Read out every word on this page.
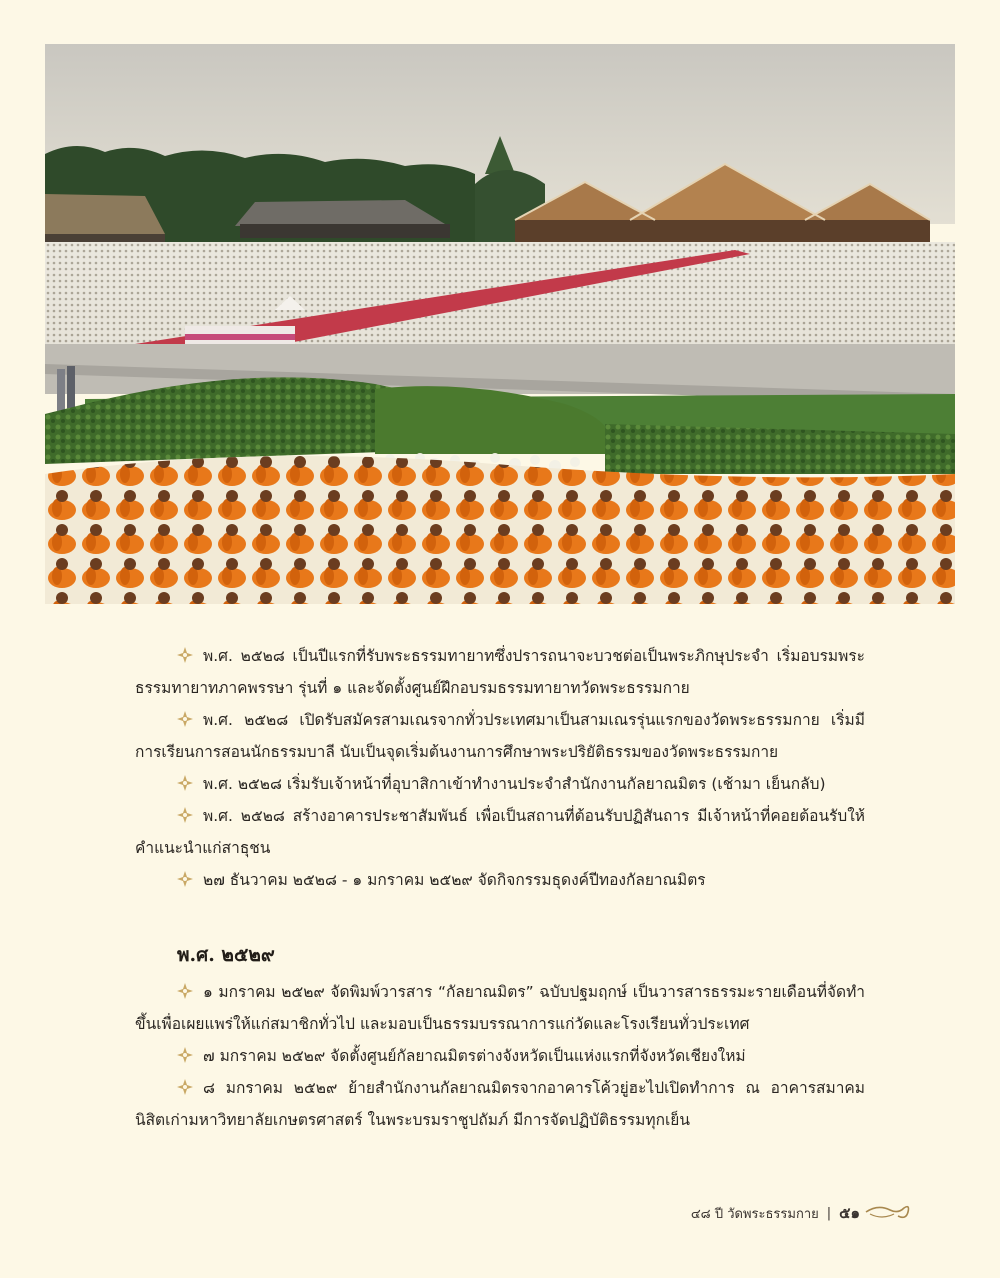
พ.ศ. ๒๕๒๘ เป็นปีแรกที่รับพระธรรมทายาทซึ่งปรารถนาจะบวชต่อเป็นพระภิกษุประจำ เริ่มอบรมพระธรรมทายาทภาคพรรษา รุ่นที่ ๑ และจัดตั้งศูนย์ฝึกอบรมธรรมทายาทวัดพระธรรมกาย

พ.ศ. ๒๕๒๘ เปิดรับสมัครสามเณรจากทั่วประเทศมาเป็นสามเณรรุ่นแรกของวัดพระธรรมกาย เริ่มมีการเรียนการสอนนักธรรมบาลี นับเป็นจุดเริ่มต้นงานการศึกษาพระปริยัติธรรมของวัดพระธรรมกาย

พ.ศ. ๒๕๒๘ เริ่มรับเจ้าหน้าที่อุบาสิกาเข้าทำงานประจำสำนักงานกัลยาณมิตร (เช้ามา เย็นกลับ)

พ.ศ. ๒๕๒๘ สร้างอาคารประชาสัมพันธ์ เพื่อเป็นสถานที่ต้อนรับปฏิสันถาร มีเจ้าหน้าที่คอยต้อนรับให้คำแนะนำแก่สาธุชน

๒๗ ธันวาคม ๒๕๒๘ - ๑ มกราคม ๒๕๒๙ จัดกิจกรรมธุดงค์ปีทองกัลยาณมิตร

พ.ศ. ๒๕๒๙

๑ มกราคม ๒๕๒๙ จัดพิมพ์วารสาร “กัลยาณมิตร” ฉบับปฐมฤกษ์ เป็นวารสารธรรมะรายเดือนที่จัดทำขึ้นเพื่อเผยแพร่ให้แก่สมาชิกทั่วไป และมอบเป็นธรรมบรรณาการแก่วัดและโรงเรียนทั่วประเทศ

๗ มกราคม ๒๕๒๙ จัดตั้งศูนย์กัลยาณมิตรต่างจังหวัดเป็นแห่งแรกที่จังหวัดเชียงใหม่

๘ มกราคม ๒๕๒๙ ย้ายสำนักงานกัลยาณมิตรจากอาคารโค้วยู่ฮะไปเปิดทำการ ณ อาคารสมาคมนิสิตเก่ามหาวิทยาลัยเกษตรศาสตร์ ในพระบรมราชูปถัมภ์ มีการจัดปฏิบัติธรรมทุกเย็น

๔๘ ปี วัดพระธรรมกาย | ๕๑
